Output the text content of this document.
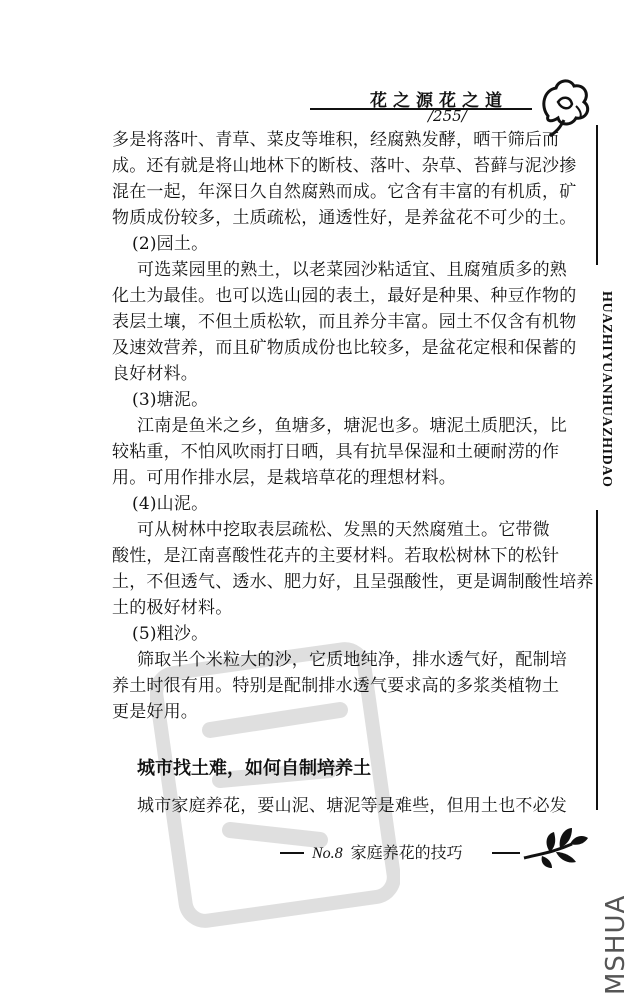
花之源花之道
/255/
HUAZHIYUANHUAZHIDAO
多是将落叶、青草、菜皮等堆积，经腐熟发酵，晒干筛后而
成。还有就是将山地林下的断枝、落叶、杂草、苔藓与泥沙掺
混在一起，年深日久自然腐熟而成。它含有丰富的有机质，矿
物质成份较多，土质疏松，通透性好，是养盆花不可少的土。
(2)园土。
可选菜园里的熟土，以老菜园沙粘适宜、且腐殖质多的熟
化土为最佳。也可以选山园的表土，最好是种果、种豆作物的
表层土壤，不但土质松软，而且养分丰富。园土不仅含有机物
及速效营养，而且矿物质成份也比较多，是盆花定根和保蓄的
良好材料。
(3)塘泥。
江南是鱼米之乡，鱼塘多，塘泥也多。塘泥土质肥沃，比
较粘重，不怕风吹雨打日晒，具有抗旱保湿和土硬耐涝的作
用。可用作排水层，是栽培草花的理想材料。
(4)山泥。
可从树林中挖取表层疏松、发黑的天然腐殖土。它带微
酸性，是江南喜酸性花卉的主要材料。若取松树林下的松针
土，不但透气、透水、肥力好，且呈强酸性，更是调制酸性培养
土的极好材料。
(5)粗沙。
筛取半个米粒大的沙，它质地纯净，排水透气好，配制培
养土时很有用。特别是配制排水透气要求高的多浆类植物土
更是好用。
城市找土难，如何自制培养土
城市家庭养花，要山泥、塘泥等是难些，但用土也不必发
No.8 家庭养花的技巧
MSHUA
